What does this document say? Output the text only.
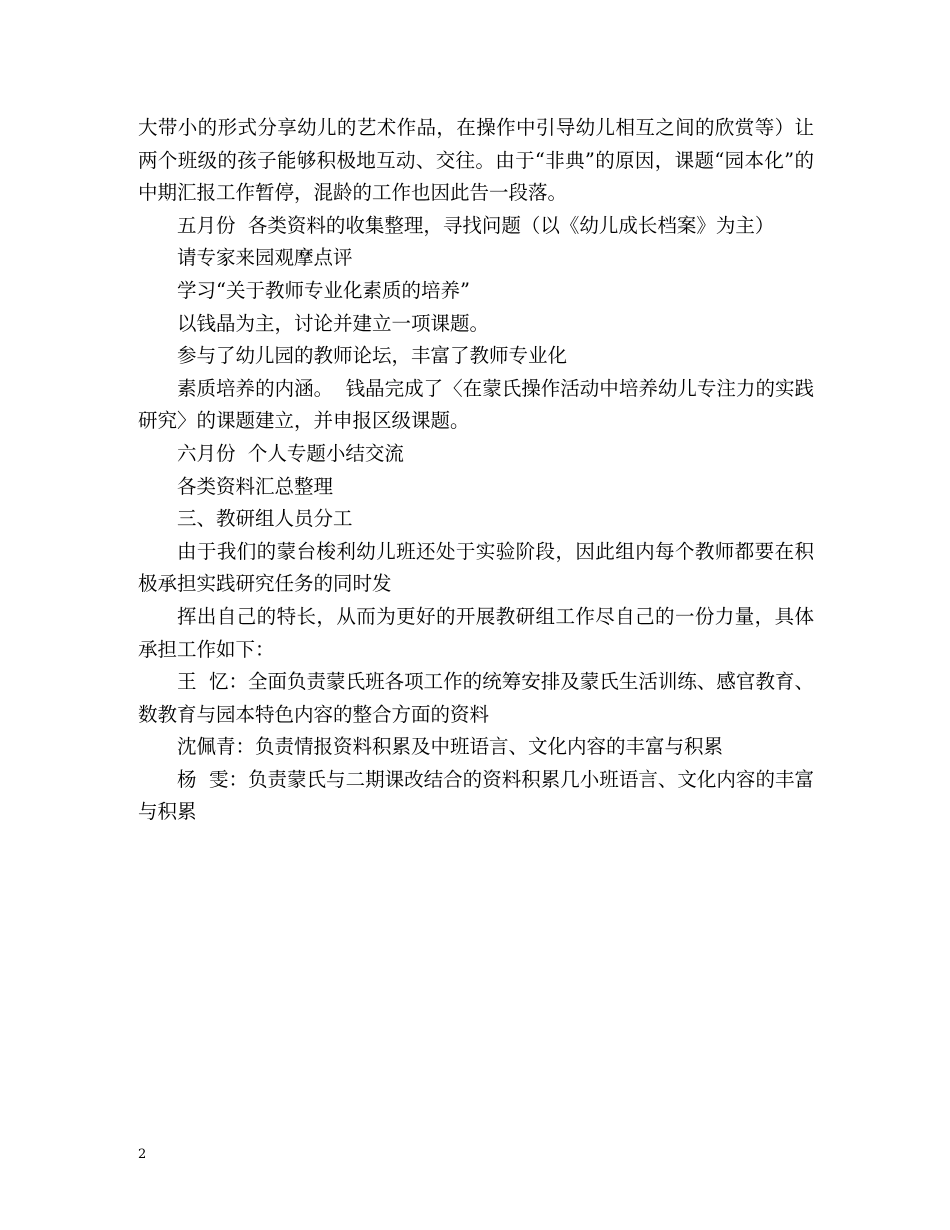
大带小的形式分享幼儿的艺术作品，在操作中引导幼儿相互之间的欣赏等）让两个班级的孩子能够积极地互动、交往。由于“非典”的原因，课题“园本化”的中期汇报工作暂停，混龄的工作也因此告一段落。

五月份  各类资料的收集整理，寻找问题（以《幼儿成长档案》为主）

请专家来园观摩点评

学习“关于教师专业化素质的培养”

以钱晶为主，讨论并建立一项课题。

参与了幼儿园的教师论坛，丰富了教师专业化

素质培养的内涵。  钱晶完成了〈在蒙氏操作活动中培养幼儿专注力的实践研究〉的课题建立，并申报区级课题。

六月份  个人专题小结交流

各类资料汇总整理

三、教研组人员分工

由于我们的蒙台梭利幼儿班还处于实验阶段，因此组内每个教师都要在积极承担实践研究任务的同时发

挥出自己的特长，从而为更好的开展教研组工作尽自己的一份力量，具体承担工作如下：

王  忆：全面负责蒙氏班各项工作的统筹安排及蒙氏生活训练、感官教育、数教育与园本特色内容的整合方面的资料

沈佩青：负责情报资料积累及中班语言、文化内容的丰富与积累

杨  雯：负责蒙氏与二期课改结合的资料积累几小班语言、文化内容的丰富与积累

2
